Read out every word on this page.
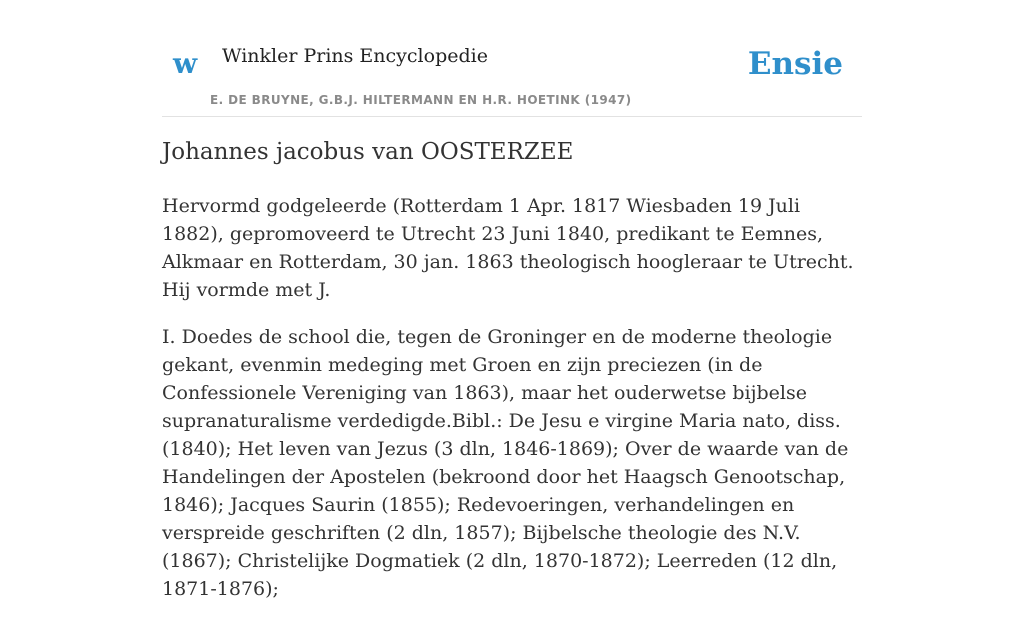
w Winkler Prins Encyclopedie
E. DE BRUYNE, G.B.J. HILTERMANN EN H.R. HOETINK (1947)
Ensie
Johannes jacobus van OOSTERZEE

Hervormd godgeleerde (Rotterdam 1 Apr. 1817 Wiesbaden 19 Juli 1882), gepromoveerd te Utrecht 23 Juni 1840, predikant te Eemnes, Alkmaar en Rotterdam, 30 jan. 1863 theologisch hoogleraar te Utrecht. Hij vormde met J.

I. Doedes de school die, tegen de Groninger en de moderne theologie gekant, evenmin medeging met Groen en zijn preciezen (in de Confessionele Vereniging van 1863), maar het ouderwetse bijbelse supranaturalisme verdedigde.Bibl.: De Jesu e virgine Maria nato, diss. (1840); Het leven van Jezus (3 dln, 1846-1869); Over de waarde van de Handelingen der Apostelen (bekroond door het Haagsch Genootschap, 1846); Jacques Saurin (1855); Redevoeringen, verhandelingen en verspreide geschriften (2 dln, 1857); Bijbelsche theologie des N.V. (1867); Christelijke Dogmatiek (2 dln, 1870-1872); Leerreden (12 dln, 1871-1876);
